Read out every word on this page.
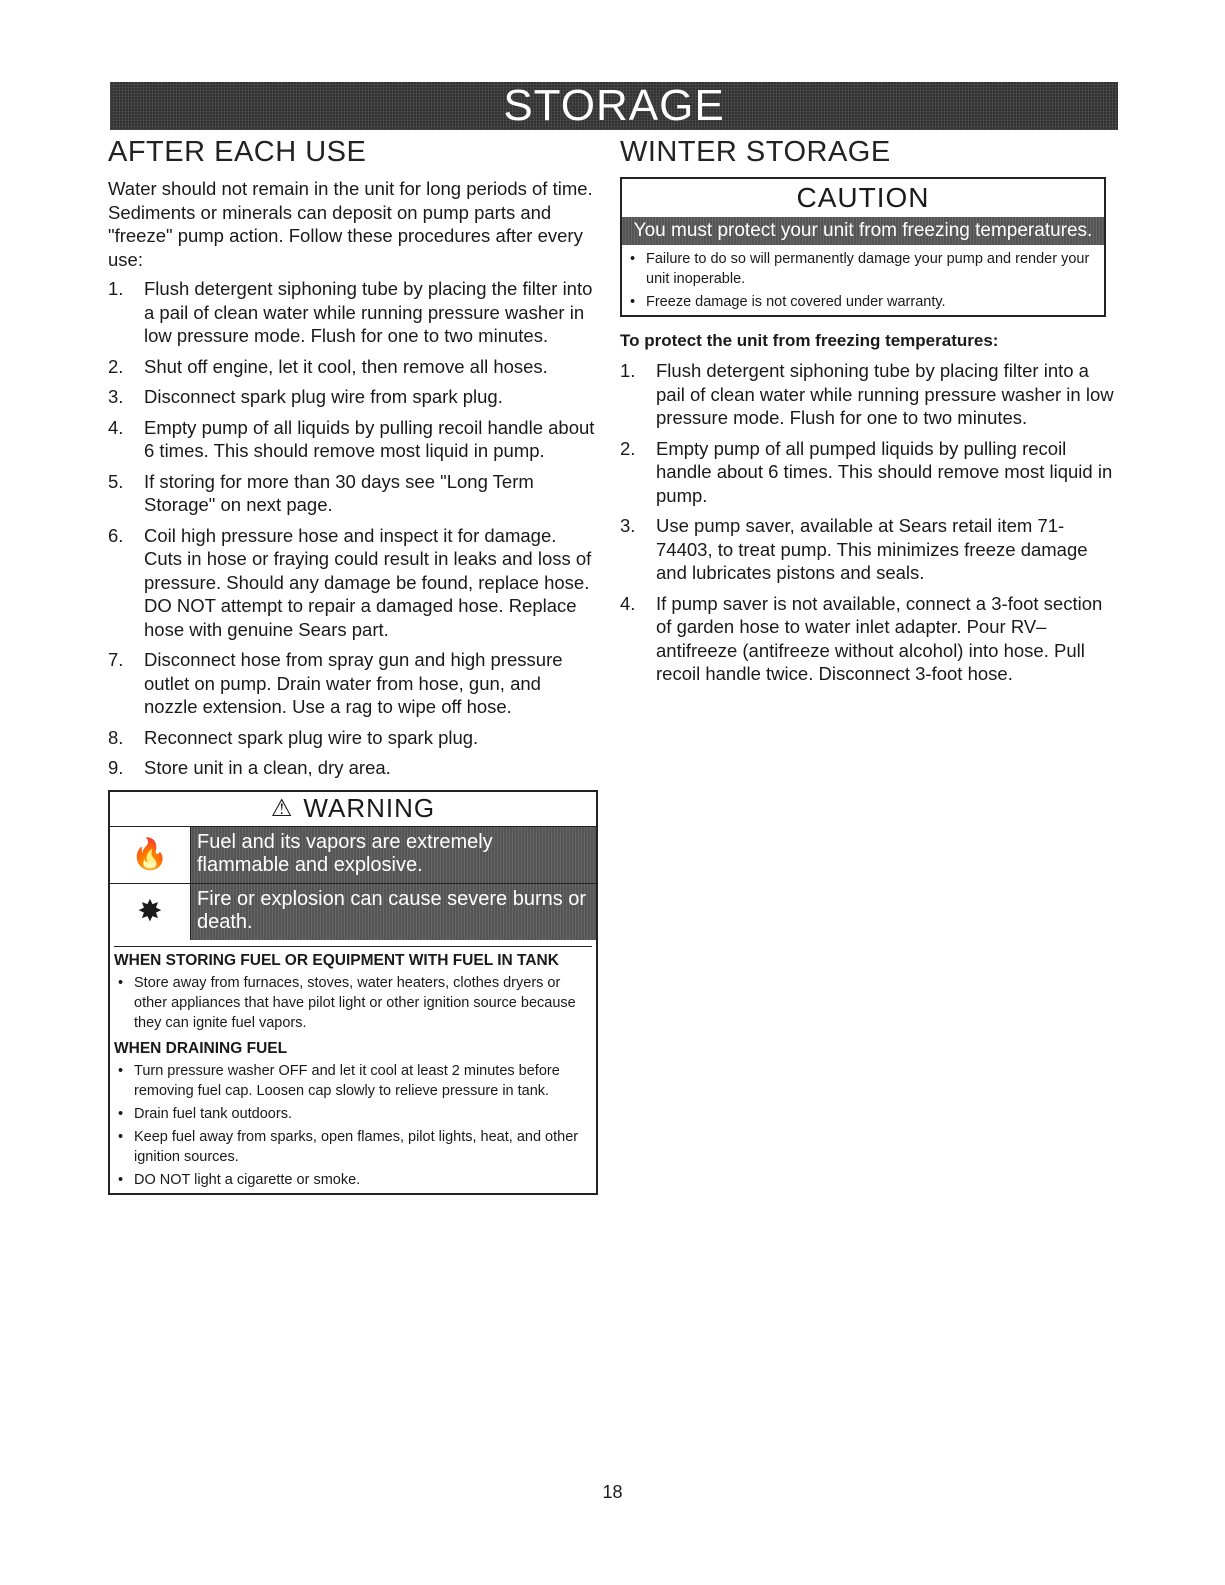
STORAGE
AFTER EACH USE

Water should not remain in the unit for long periods of time. Sediments or minerals can deposit on pump parts and "freeze" pump action. Follow these procedures after every use:

1. Flush detergent siphoning tube by placing the filter into a pail of clean water while running pressure washer in low pressure mode. Flush for one to two minutes.
2. Shut off engine, let it cool, then remove all hoses.
3. Disconnect spark plug wire from spark plug.
4. Empty pump of all liquids by pulling recoil handle about 6 times. This should remove most liquid in pump.
5. If storing for more than 30 days see "Long Term Storage" on next page.
6. Coil high pressure hose and inspect it for damage. Cuts in hose or fraying could result in leaks and loss of pressure. Should any damage be found, replace hose. DO NOT attempt to repair a damaged hose. Replace hose with genuine Sears part.
7. Disconnect hose from spray gun and high pressure outlet on pump. Drain water from hose, gun, and nozzle extension. Use a rag to wipe off hose.
8. Reconnect spark plug wire to spark plug.
9. Store unit in a clean, dry area.
⚠ WARNING
🔥	Fuel and its vapors are extremely flammable and explosive.
✸	Fire or explosion can cause severe burns or death.
WHEN STORING FUEL OR EQUIPMENT WITH FUEL IN TANK
• Store away from furnaces, stoves, water heaters, clothes dryers or other appliances that have pilot light or other ignition source because they can ignite fuel vapors.
WHEN DRAINING FUEL
• Turn pressure washer OFF and let it cool at least 2 minutes before removing fuel cap. Loosen cap slowly to relieve pressure in tank.
• Drain fuel tank outdoors.
• Keep fuel away from sparks, open flames, pilot lights, heat, and other ignition sources.
• DO NOT light a cigarette or smoke.
WINTER STORAGE
CAUTION
You must protect your unit from freezing temperatures.
• Failure to do so will permanently damage your pump and render your unit inoperable.
• Freeze damage is not covered under warranty.
To protect the unit from freezing temperatures:
1. Flush detergent siphoning tube by placing filter into a pail of clean water while running pressure washer in low pressure mode. Flush for one to two minutes.
2. Empty pump of all pumped liquids by pulling recoil handle about 6 times. This should remove most liquid in pump.
3. Use pump saver, available at Sears retail item 71-74403, to treat pump. This minimizes freeze damage and lubricates pistons and seals.
4. If pump saver is not available, connect a 3-foot section of garden hose to water inlet adapter. Pour RV–antifreeze (antifreeze without alcohol) into hose. Pull recoil handle twice. Disconnect 3-foot hose.
18
